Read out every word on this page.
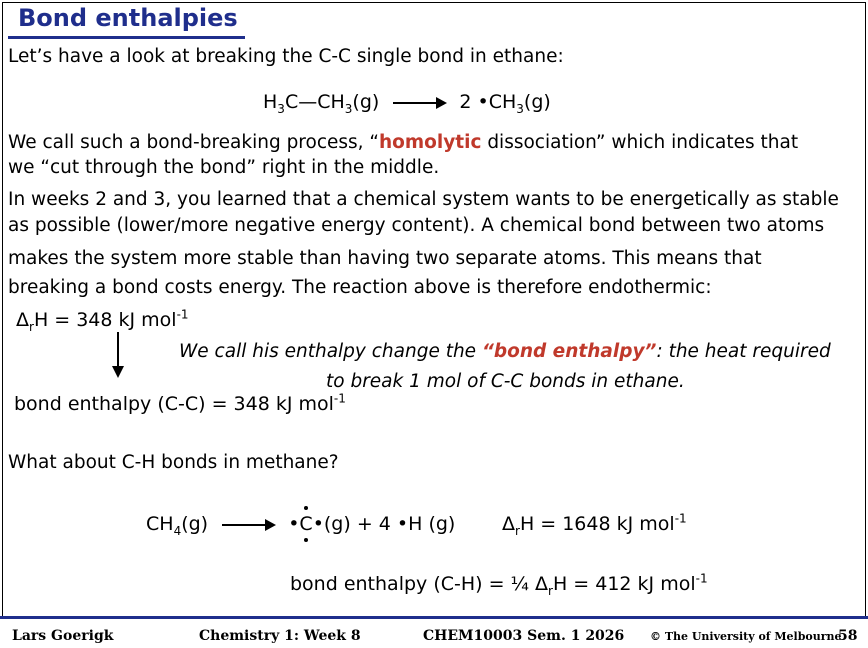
Bond enthalpies
Let’s have a look at breaking the C-C single bond in ethane:
$H_3C—CH_3(g) \to 2$ $•CH_3(g)$
We call such a bond-breaking process, “homolytic dissociation” which indicates that
we “cut through the bond” right in the middle.
In weeks 2 and 3, you learned that a chemical system wants to be energetically as stable
as possible (lower/more negative energy content). A chemical bond between two atoms
makes the system more stable than having two separate atoms. This means that
breaking a bond costs energy. The reaction above is therefore endothermic:
$\Delta_rH = 348$ kJ mol$^{-1}$
We call his enthalpy change the “bond enthalpy”: the heat required
to break 1 mol of C-C bonds in ethane.
bond enthalpy (C-C) = 348 kJ mol$^{-1}$
What about C-H bonds in methane?
$CH_4(g)$ → •
C
•(g) + 4 •H (g) $\Delta_rH = 1648$ kJ mol$^{-1}$
bond enthalpy (C-H) = ¼ $\Delta_rH = 412$ kJ mol$^{-1}$
Lars Goerigk	Chemistry 1: Week 8	CHEM10003 Sem. 1 2026 © The University of Melbourne
58
